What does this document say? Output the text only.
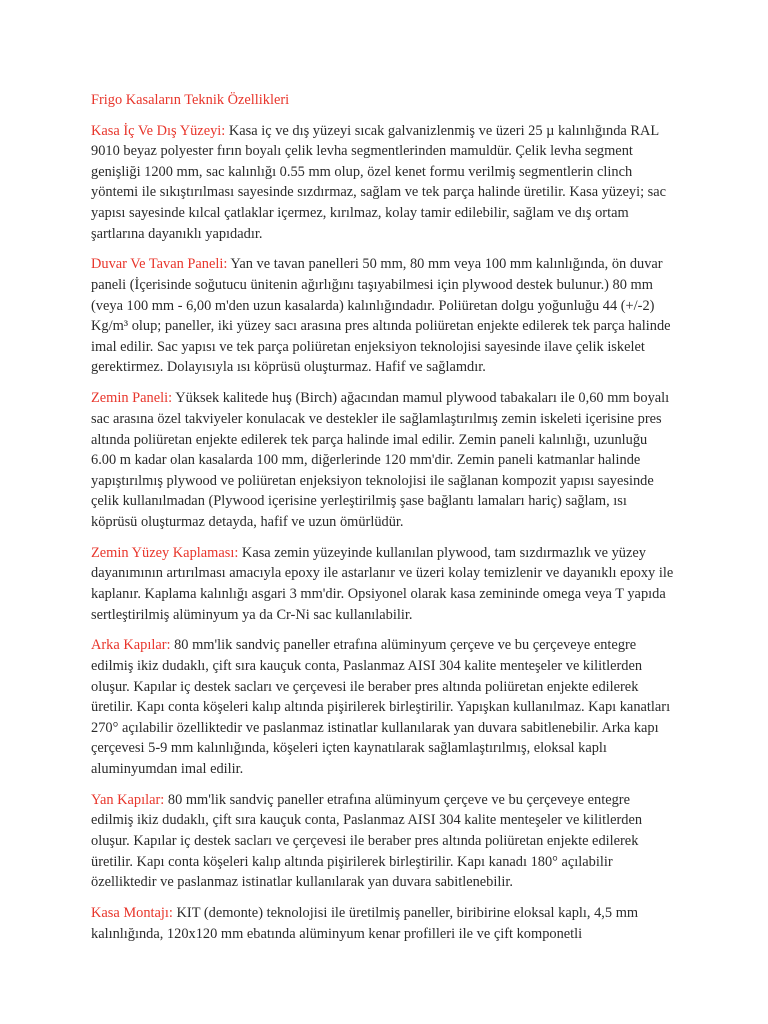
Frigo Kasaların Teknik Özellikleri

Kasa İç Ve Dış Yüzeyi: Kasa iç ve dış yüzeyi sıcak galvanizlenmiş ve üzeri 25 µ kalınlığında RAL 9010 beyaz polyester fırın boyalı çelik levha segmentlerinden mamuldür. Çelik levha segment genişliği 1200 mm, sac kalınlığı 0.55 mm olup, özel kenet formu verilmiş segmentlerin clinch yöntemi ile sıkıştırılması sayesinde sızdırmaz, sağlam ve tek parça halinde üretilir. Kasa yüzeyi; sac yapısı sayesinde kılcal çatlaklar içermez, kırılmaz, kolay tamir edilebilir, sağlam ve dış ortam şartlarına dayanıklı yapıdadır.

Duvar Ve Tavan Paneli: Yan ve tavan panelleri 50 mm, 80 mm veya 100 mm kalınlığında, ön duvar paneli (İçerisinde soğutucu ünitenin ağırlığını taşıyabilmesi için plywood destek bulunur.) 80 mm (veya 100 mm - 6,00 m'den uzun kasalarda) kalınlığındadır. Poliüretan dolgu yoğunluğu 44 (+/-2) Kg/m³ olup; paneller, iki yüzey sacı arasına pres altında poliüretan enjekte edilerek tek parça halinde imal edilir. Sac yapısı ve tek parça poliüretan enjeksiyon teknolojisi sayesinde ilave çelik iskelet gerektirmez. Dolayısıyla ısı köprüsü oluşturmaz. Hafif ve sağlamdır.

Zemin Paneli: Yüksek kalitede huş (Birch) ağacından mamul plywood tabakaları ile 0,60 mm boyalı sac arasına özel takviyeler konulacak ve destekler ile sağlamlaştırılmış zemin iskeleti içerisine pres altında poliüretan enjekte edilerek tek parça halinde imal edilir. Zemin paneli kalınlığı, uzunluğu 6.00 m kadar olan kasalarda 100 mm, diğerlerinde 120 mm'dir. Zemin paneli katmanlar halinde yapıştırılmış plywood ve poliüretan enjeksiyon teknolojisi ile sağlanan kompozit yapısı sayesinde çelik kullanılmadan (Plywood içerisine yerleştirilmiş şase bağlantı lamaları hariç) sağlam, ısı köprüsü oluşturmaz detayda, hafif ve uzun ömürlüdür.

Zemin Yüzey Kaplaması: Kasa zemin yüzeyinde kullanılan plywood, tam sızdırmazlık ve yüzey dayanımının artırılması amacıyla epoxy ile astarlanır ve üzeri kolay temizlenir ve dayanıklı epoxy ile kaplanır. Kaplama kalınlığı asgari 3 mm'dir. Opsiyonel olarak kasa zemininde omega veya T yapıda sertleştirilmiş alüminyum ya da Cr-Ni sac kullanılabilir.

Arka Kapılar: 80 mm'lik sandviç paneller etrafına alüminyum çerçeve ve bu çerçeveye entegre edilmiş ikiz dudaklı, çift sıra kauçuk conta, Paslanmaz AISI 304 kalite menteşeler ve kilitlerden oluşur. Kapılar iç destek sacları ve çerçevesi ile beraber pres altında poliüretan enjekte edilerek üretilir. Kapı conta köşeleri kalıp altında pişirilerek birleştirilir. Yapışkan kullanılmaz. Kapı kanatları 270° açılabilir özelliktedir ve paslanmaz istinatlar kullanılarak yan duvara sabitlenebilir. Arka kapı çerçevesi 5-9 mm kalınlığında, köşeleri içten kaynatılarak sağlamlaştırılmış, eloksal kaplı aluminyumdan imal edilir.

Yan Kapılar: 80 mm'lik sandviç paneller etrafına alüminyum çerçeve ve bu çerçeveye entegre edilmiş ikiz dudaklı, çift sıra kauçuk conta, Paslanmaz AISI 304 kalite menteşeler ve kilitlerden oluşur. Kapılar iç destek sacları ve çerçevesi ile beraber pres altında poliüretan enjekte edilerek üretilir. Kapı conta köşeleri kalıp altında pişirilerek birleştirilir. Kapı kanadı 180° açılabilir özelliktedir ve paslanmaz istinatlar kullanılarak yan duvara sabitlenebilir.

Kasa Montajı: KIT (demonte) teknolojisi ile üretilmiş paneller, biribirine eloksal kaplı, 4,5 mm kalınlığında, 120x120 mm ebatında alüminyum kenar profilleri ile ve çift komponetli
